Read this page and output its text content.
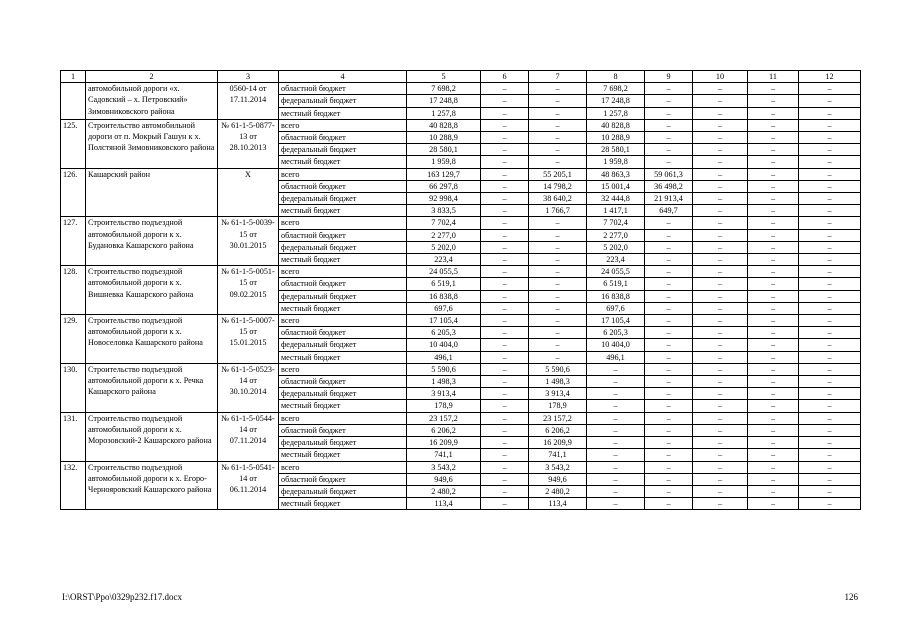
1	2	3	4	5	6	7	8	9	10	11	12
	автомобильной дороги «х. Садовский – х. Петровский» Зимовниковского района	0560-14 от 17.11.2014	областной бюджет	7 698,2	–	–	7 698,2	–	–	–	–
			федеральный бюджет	17 248,8	–	–	17 248,8	–	–	–	–
			местный бюджет	1 257,8	–	–	1 257,8	–	–	–	–
125.	Строительство автомобильной дороги от п. Мокрый Гашун к х. Полстяной Зимовниковского района	№ 61-1-5-0877-13 от 28.10.2013	всего	40 828,8	–	–	40 828,8	–	–	–	–
			областной бюджет	10 288,9	–	–	10 288,9	–	–	–	–
			федеральный бюджет	28 580,1	–	–	28 580,1	–	–	–	–
			местный бюджет	1 959,8	–	–	1 959,8	–	–	–	–
126.	Кашарский район	X	всего	163 129,7	–	55 205,1	48 863,3	59 061,3	–	–	–
			областной бюджет	66 297,8	–	14 798,2	15 001,4	36 498,2	–	–	–
			федеральный бюджет	92 998,4	–	38 640,2	32 444,8	21 913,4	–	–	–
			местный бюджет	3 833,5	–	1 766,7	1 417,1	649,7	–	–	–
127.	Строительство подъездной автомобильной дороги к х. Будановка Кашарского района	№ 61-1-5-0039-15 от 30.01.2015	всего	7 702,4	–	–	7 702,4	–	–	–	–
			областной бюджет	2 277,0	–	–	2 277,0	–	–	–	–
			федеральный бюджет	5 202,0	–	–	5 202,0	–	–	–	–
			местный бюджет	223,4	–	–	223,4	–	–	–	–
128.	Строительство подъездной автомобильной дороги к х. Вишневка Кашарского района	№ 61-1-5-0051-15 от 09.02.2015	всего	24 055,5	–	–	24 055,5	–	–	–	–
			областной бюджет	6 519,1	–	–	6 519,1	–	–	–	–
			федеральный бюджет	16 838,8	–	–	16 838,8	–	–	–	–
			местный бюджет	697,6	–	–	697,6	–	–	–	–
129.	Строительство подъездной автомобильной дороги к х. Новоселовка Кашарского района	№ 61-1-5-0007-15 от 15.01.2015	всего	17 105,4	–	–	17 105,4	–	–	–	–
			областной бюджет	6 205,3	–	–	6 205,3	–	–	–	–
			федеральный бюджет	10 404,0	–	–	10 404,0	–	–	–	–
			местный бюджет	496,1	–	–	496,1	–	–	–	–
130.	Строительство подъездной автомобильной дороги к х. Речка Кашарского района	№ 61-1-5-0523-14 от 30.10.2014	всего	5 590,6	–	5 590,6	–	–	–	–	–
			областной бюджет	1 498,3	–	1 498,3	–	–	–	–	–
			федеральный бюджет	3 913,4	–	3 913,4	–	–	–	–	–
			местный бюджет	178,9	–	178,9	–	–	–	–	–
131.	Строительство подъездной автомобильной дороги к х. Морозовский-2 Кашарского района	№ 61-1-5-0544-14 от 07.11.2014	всего	23 157,2	–	23 157,2	–	–	–	–	–
			областной бюджет	6 206,2	–	6 206,2	–	–	–	–	–
			федеральный бюджет	16 209,9	–	16 209,9	–	–	–	–	–
			местный бюджет	741,1	–	741,1	–	–	–	–	–
132.	Строительство подъездной автомобильной дороги к х. Егоро-Чернояровский Кашарского района	№ 61-1-5-0541-14 от 06.11.2014	всего	3 543,2	–	3 543,2	–	–	–	–	–
			областной бюджет	949,6	–	949,6	–	–	–	–	–
			федеральный бюджет	2 480,2	–	2 480,2	–	–	–	–	–
			местный бюджет	113,4	–	113,4	–	–	–	–	–
I:\ORST\Ppo\0329p232.f17.docx	126
